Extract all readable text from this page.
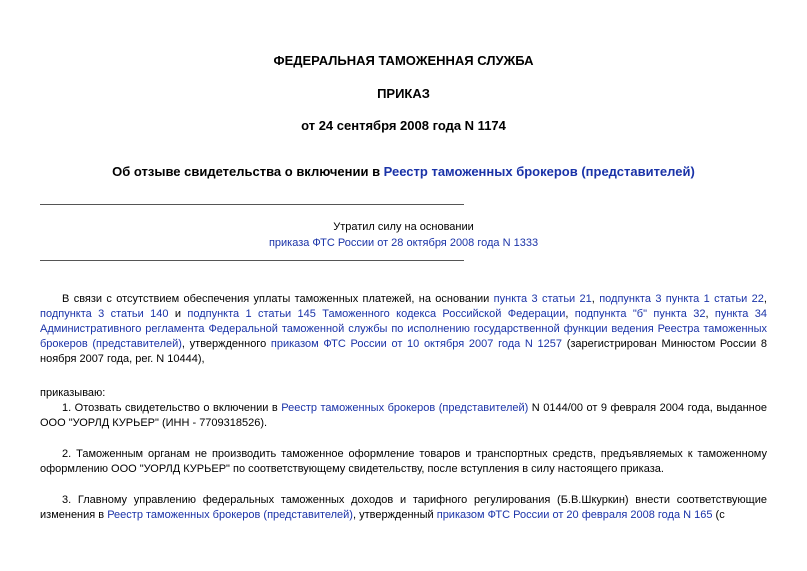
ФЕДЕРАЛЬНАЯ ТАМОЖЕННАЯ СЛУЖБА
ПРИКАЗ
от 24 сентября 2008 года N 1174
Об отзыве свидетельства о включении в Реестр таможенных брокеров (представителей)
Утратил силу на основании
приказа ФТС России от 28 октября 2008 года N 1333

В связи с отсутствием обеспечения уплаты таможенных платежей, на основании пункта 3 статьи 21, подпункта 3 пункта 1 статьи 22, подпункта 3 статьи 140 и подпункта 1 статьи 145 Таможенного кодекса Российской Федерации, подпункта "б" пункта 32, пункта 34 Административного регламента Федеральной таможенной службы по исполнению государственной функции ведения Реестра таможенных брокеров (представителей), утвержденного приказом ФТС России от 10 октября 2007 года N 1257 (зарегистрирован Минюстом России 8 ноября 2007 года, рег. N 10444),

приказываю:

1. Отозвать свидетельство о включении в Реестр таможенных брокеров (представителей) N 0144/00 от 9 февраля 2004 года, выданное ООО "УОРЛД КУРЬЕР" (ИНН - 7709318526).

2. Таможенным органам не производить таможенное оформление товаров и транспортных средств, предъявляемых к таможенному оформлению ООО "УОРЛД КУРЬЕР" по соответствующему свидетельству, после вступления в силу настоящего приказа.

3. Главному управлению федеральных таможенных доходов и тарифного регулирования (Б.В.Шкуркин) внести соответствующие изменения в Реестр таможенных брокеров (представителей), утвержденный приказом ФТС России от 20 февраля 2008 года N 165 (с
